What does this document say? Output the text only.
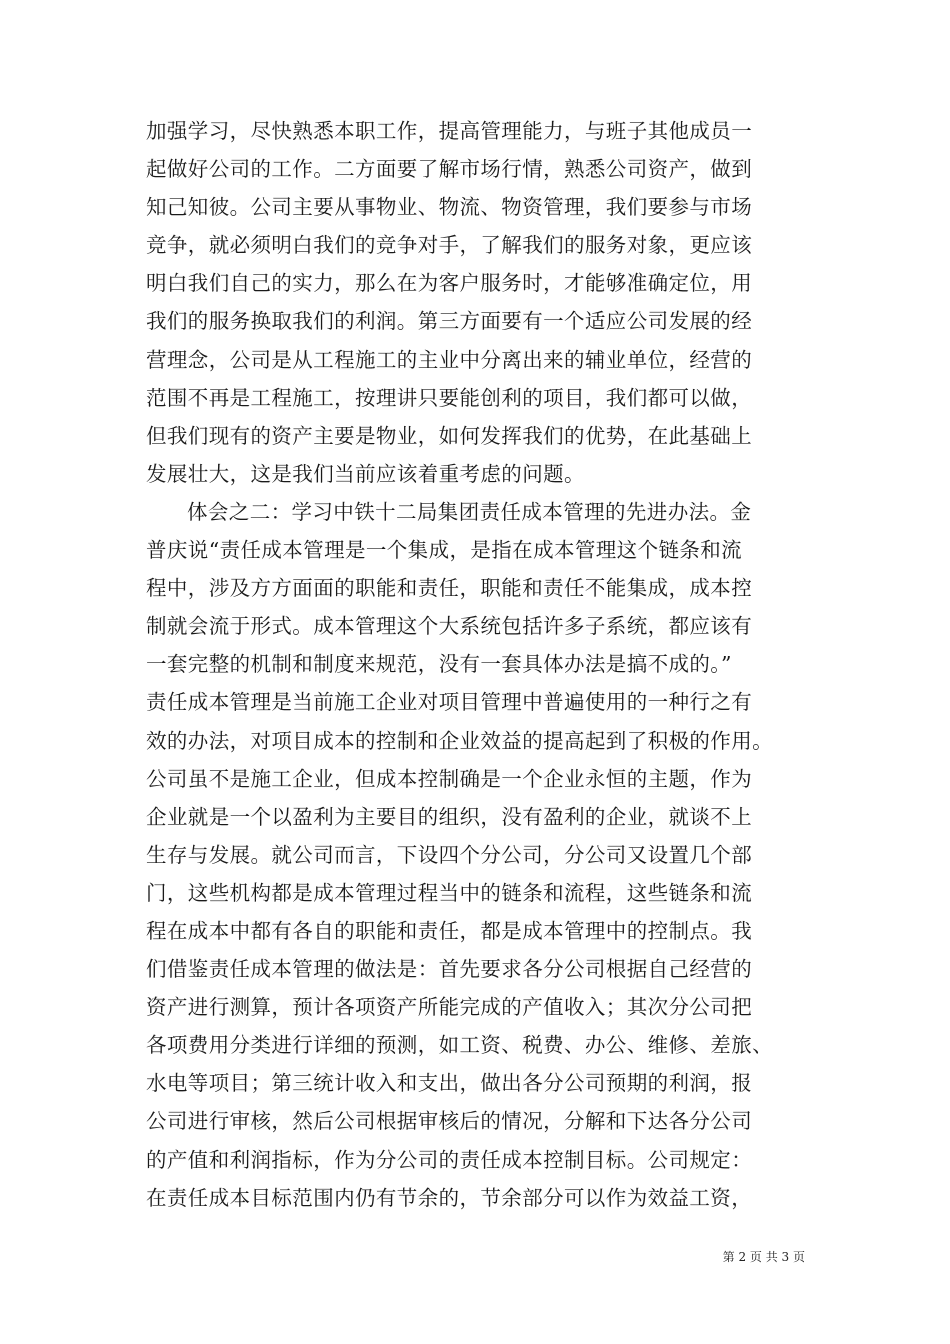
加强学习，尽快熟悉本职工作，提高管理能力，与班子其他成员一
起做好公司的工作。二方面要了解市场行情，熟悉公司资产，做到
知己知彼。公司主要从事物业、物流、物资管理，我们要参与市场
竞争，就必须明白我们的竞争对手，了解我们的服务对象，更应该
明白我们自己的实力，那么在为客户服务时，才能够准确定位，用
我们的服务换取我们的利润。第三方面要有一个适应公司发展的经
营理念，公司是从工程施工的主业中分离出来的辅业单位，经营的
范围不再是工程施工，按理讲只要能创利的项目，我们都可以做，
但我们现有的资产主要是物业，如何发挥我们的优势，在此基础上
发展壮大，这是我们当前应该着重考虑的问题。
体会之二：学习中铁十二局集团责任成本管理的先进办法。金
普庆说“责任成本管理是一个集成，是指在成本管理这个链条和流
程中，涉及方方面面的职能和责任，职能和责任不能集成，成本控
制就会流于形式。成本管理这个大系统包括许多子系统，都应该有
一套完整的机制和制度来规范，没有一套具体办法是搞不成的。”
责任成本管理是当前施工企业对项目管理中普遍使用的一种行之有
效的办法，对项目成本的控制和企业效益的提高起到了积极的作用。
公司虽不是施工企业，但成本控制确是一个企业永恒的主题，作为
企业就是一个以盈利为主要目的组织，没有盈利的企业，就谈不上
生存与发展。就公司而言，下设四个分公司，分公司又设置几个部
门，这些机构都是成本管理过程当中的链条和流程，这些链条和流
程在成本中都有各自的职能和责任，都是成本管理中的控制点。我
们借鉴责任成本管理的做法是：首先要求各分公司根据自己经营的
资产进行测算，预计各项资产所能完成的产值收入；其次分公司把
各项费用分类进行详细的预测，如工资、税费、办公、维修、差旅、
水电等项目；第三统计收入和支出，做出各分公司预期的利润，报
公司进行审核，然后公司根据审核后的情况，分解和下达各分公司
的产值和利润指标，作为分公司的责任成本控制目标。公司规定：
在责任成本目标范围内仍有节余的，节余部分可以作为效益工资，
第 2 页 共 3 页
